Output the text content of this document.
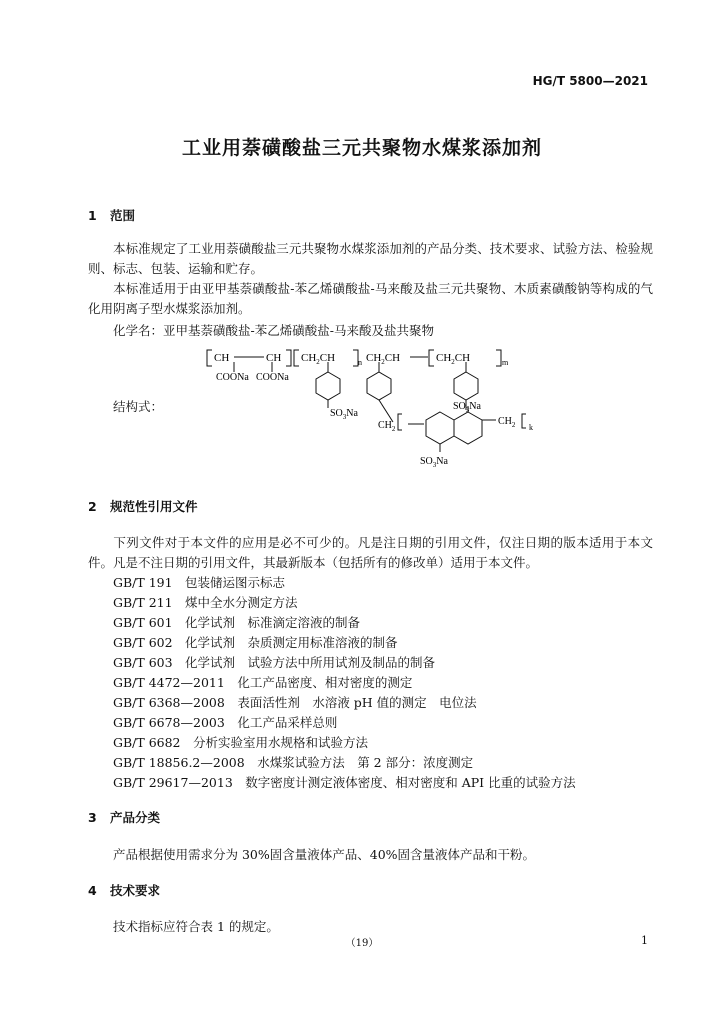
HG/T 5800—2021
工业用萘磺酸盐三元共聚物水煤浆添加剂
1 范围
本标准规定了工业用萘磺酸盐三元共聚物水煤浆添加剂的产品分类、技术要求、试验方法、检验规则、标志、包装、运输和贮存。
本标准适用于由亚甲基萘磺酸盐-苯乙烯磺酸盐-马来酸及盐三元共聚物、木质素磺酸钠等构成的气化用阴离子型水煤浆添加剂。
化学名：亚甲基萘磺酸盐-苯乙烯磺酸盐-马来酸及盐共聚物
结构式：
CH	CH $CH_2CH$	n $CH_2CH$	$CH_2CH$	m
COONa COONa
$SO_3Na$
$SO_3Na$
$SO_3Na$
$CH_2$
$CH_2$ k
2 规范性引用文件
下列文件对于本文件的应用是必不可少的。凡是注日期的引用文件，仅注日期的版本适用于本文件。凡是不注日期的引用文件，其最新版本（包括所有的修改单）适用于本文件。
GB/T 191　包装储运图示标志
GB/T 211　煤中全水分测定方法
GB/T 601　化学试剂　标准滴定溶液的制备
GB/T 602　化学试剂　杂质测定用标准溶液的制备
GB/T 603　化学试剂　试验方法中所用试剂及制品的制备
GB/T 4472—2011　化工产品密度、相对密度的测定
GB/T 6368—2008　表面活性剂　水溶液 pH 值的测定　电位法
GB/T 6678—2003　化工产品采样总则
GB/T 6682　分析实验室用水规格和试验方法
GB/T 18856.2—2008　水煤浆试验方法　第 2 部分：浓度测定
GB/T 29617—2013　数字密度计测定液体密度、相对密度和 API 比重的试验方法
3 产品分类
产品根据使用需求分为 30%固含量液体产品、40%固含量液体产品和干粉。
4 技术要求
技术指标应符合表 1 的规定。
（19）	1
